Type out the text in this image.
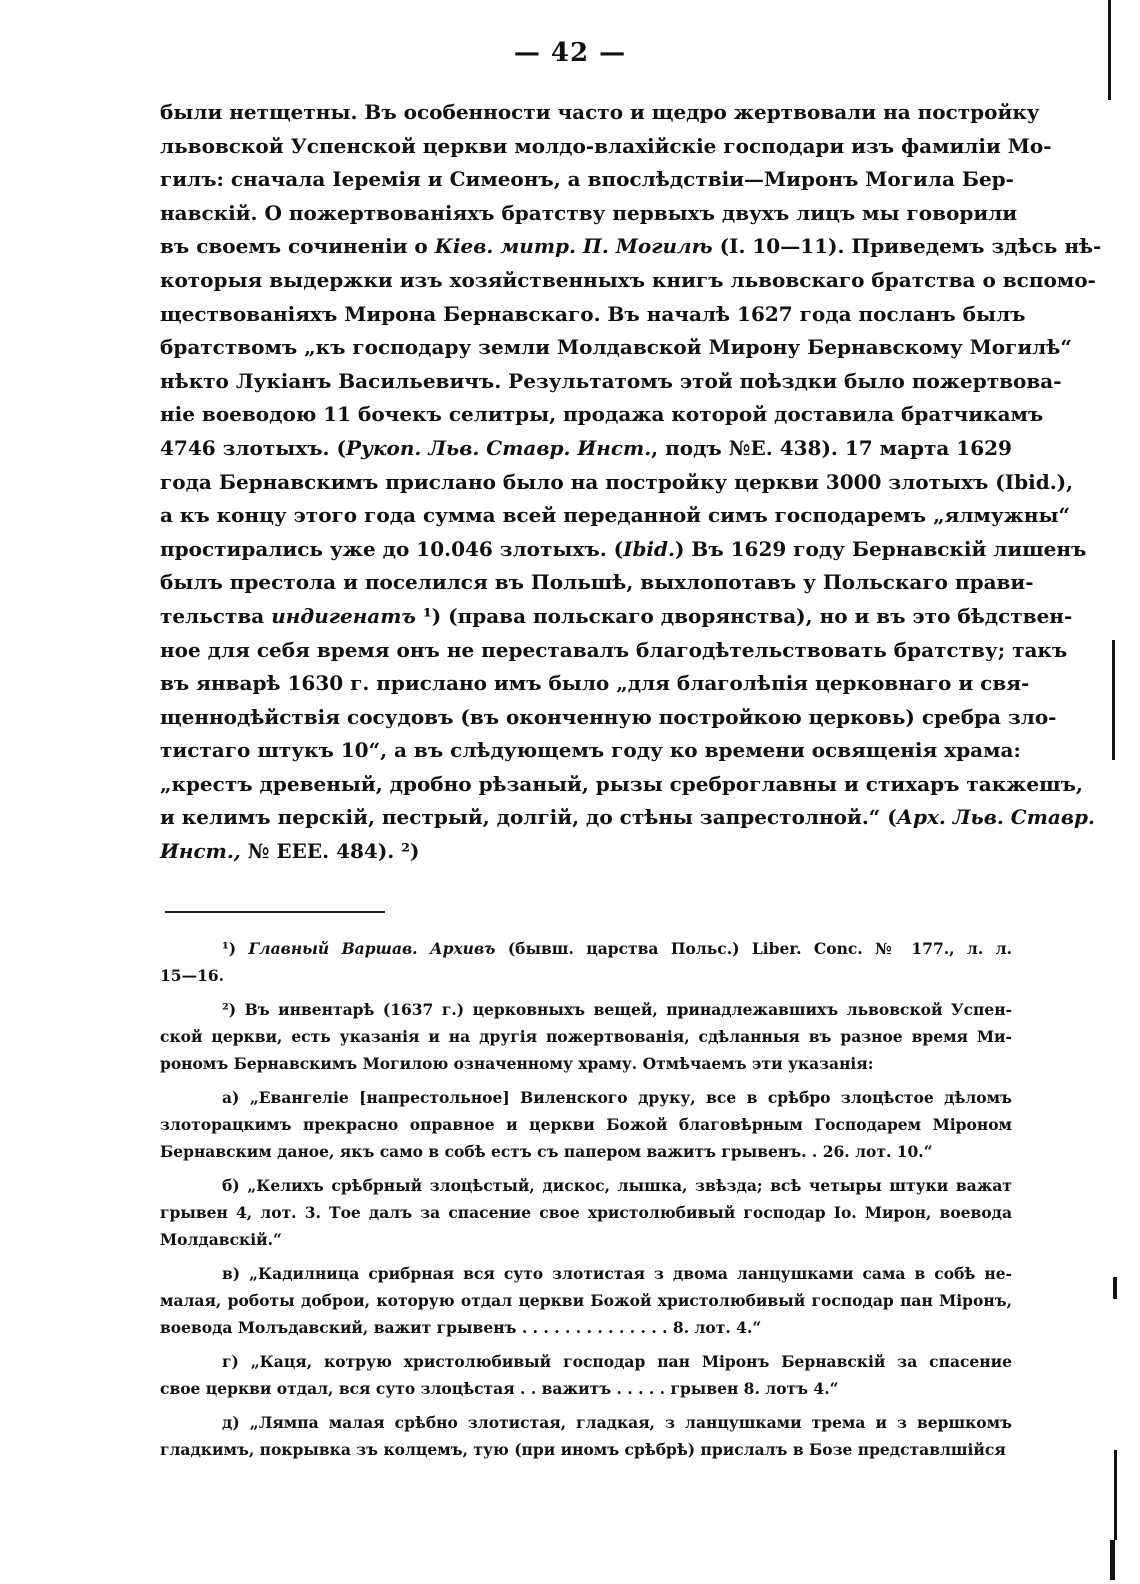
— 42 —
были нетщетны. Въ особенности часто и щедро жертвовали на постройку
львовской Успенской церкви молдо-влахійскіе господари изъ фамиліи Мо-
гилъ: сначала Іеремія и Симеонъ, а впослѣдствіи—Миронъ Могила Бер-
навскій. О пожертвованіяхъ братству первыхъ двухъ лицъ мы говорили
въ своемъ сочиненіи о Кіев. митр. П. Могилѣ (I. 10—11). Приведемъ здѣсь нѣ-
которыя выдержки изъ хозяйственныхъ книгъ львовскаго братства о вспомо-
ществованіяхъ Мирона Бернавскаго. Въ началѣ 1627 года посланъ былъ
братствомъ „къ господару земли Молдавской Мирону Бернавскому Могилѣ“
нѣкто Лукіанъ Васильевичъ. Результатомъ этой поѣздки было пожертвова-
ніе воеводою 11 бочекъ селитры, продажа которой доставила братчикамъ
4746 злотыхъ. (Рукоп. Льв. Ставр. Инст., подъ №Е. 438). 17 марта 1629
года Бернавскимъ прислано было на постройку церкви 3000 злотыхъ (Ibid.),
а къ концу этого года сумма всей переданной симъ господаремъ „ялмужны“
простирались уже до 10.046 злотыхъ. (Ibid.) Въ 1629 году Бернавскій лишенъ
былъ престола и поселился въ Польшѣ, выхлопотавъ у Польскаго прави-
тельства индигенатъ ¹) (права польскаго дворянства), но и въ это бѣдствен-
ное для себя время онъ не переставалъ благодѣтельствовать братству; такъ
въ январѣ 1630 г. прислано имъ было „для благолѣпія церковнаго и свя-
щеннодѣйствія сосудовъ (въ оконченную постройкою церковь) сребра зло-
тистаго штукъ 10“, а въ слѣдующемъ году ко времени освященія храма:
„крестъ древеный, дробно рѣзаный, рызы среброглавны и стихаръ такжешъ,
и келимъ перскій, пестрый, долгій, до стѣны запрестолной.“ (Арх. Льв. Ставр.
Инст., № ЕЕЕ. 484). ²)
¹) Главный Варшав. Архивъ (бывш. царства Польс.) Liber. Conc. № 177., л. л.
15—16.
²) Въ инвентарѣ (1637 г.) церковныхъ вещей, принадлежавшихъ львовской Успен-
ской церкви, есть указанія и на другія пожертвованія, сдѣланныя въ разное время Ми-
рономъ Бернавскимъ Могилою означенному храму. Отмѣчаемъ эти указанія:
а) „Евангеліе [напрестольное] Виленского друку, все в срѣбро злоцѣстое дѣломъ
злоторацкимъ прекрасно оправное и церкви Божой благовѣрным Господарем Міроном
Бернавским даное, якъ само в собѣ естъ съ папером важитъ грывенъ. . 26. лот. 10.“
б) „Келихъ срѣбрный злоцѣстый, дискос, лышка, звѣзда; всѣ четыры штуки важат
грывен 4, лот. 3. Тое далъ за спасение свое христолюбивый господар Іо. Мирон, воевода
Молдавскій.“
в) „Кадилница срибрная вся суто злотистая з двома ланцушками сама в собѣ не-
малая, роботы доброи, которую отдал церкви Божой христолюбивый господар пан Міронъ,
воевода Молъдавский, важит грывенъ . . . . . . . . . . . . . . 8. лот. 4.“
г) „Каця, котрую христолюбивый господар пан Міронъ Бернавскій за спасение
свое церкви отдал, вся суто злоцѣстая . . важитъ . . . . . грывен 8. лотъ 4.“
д) „Лямпа малая срѣбно злотистая, гладкая, з ланцушками трема и з вершкомъ
гладкимъ, покрывка зъ колцемъ, тую (при иномъ срѣбрѣ) прислалъ в Бозе представлшійся
